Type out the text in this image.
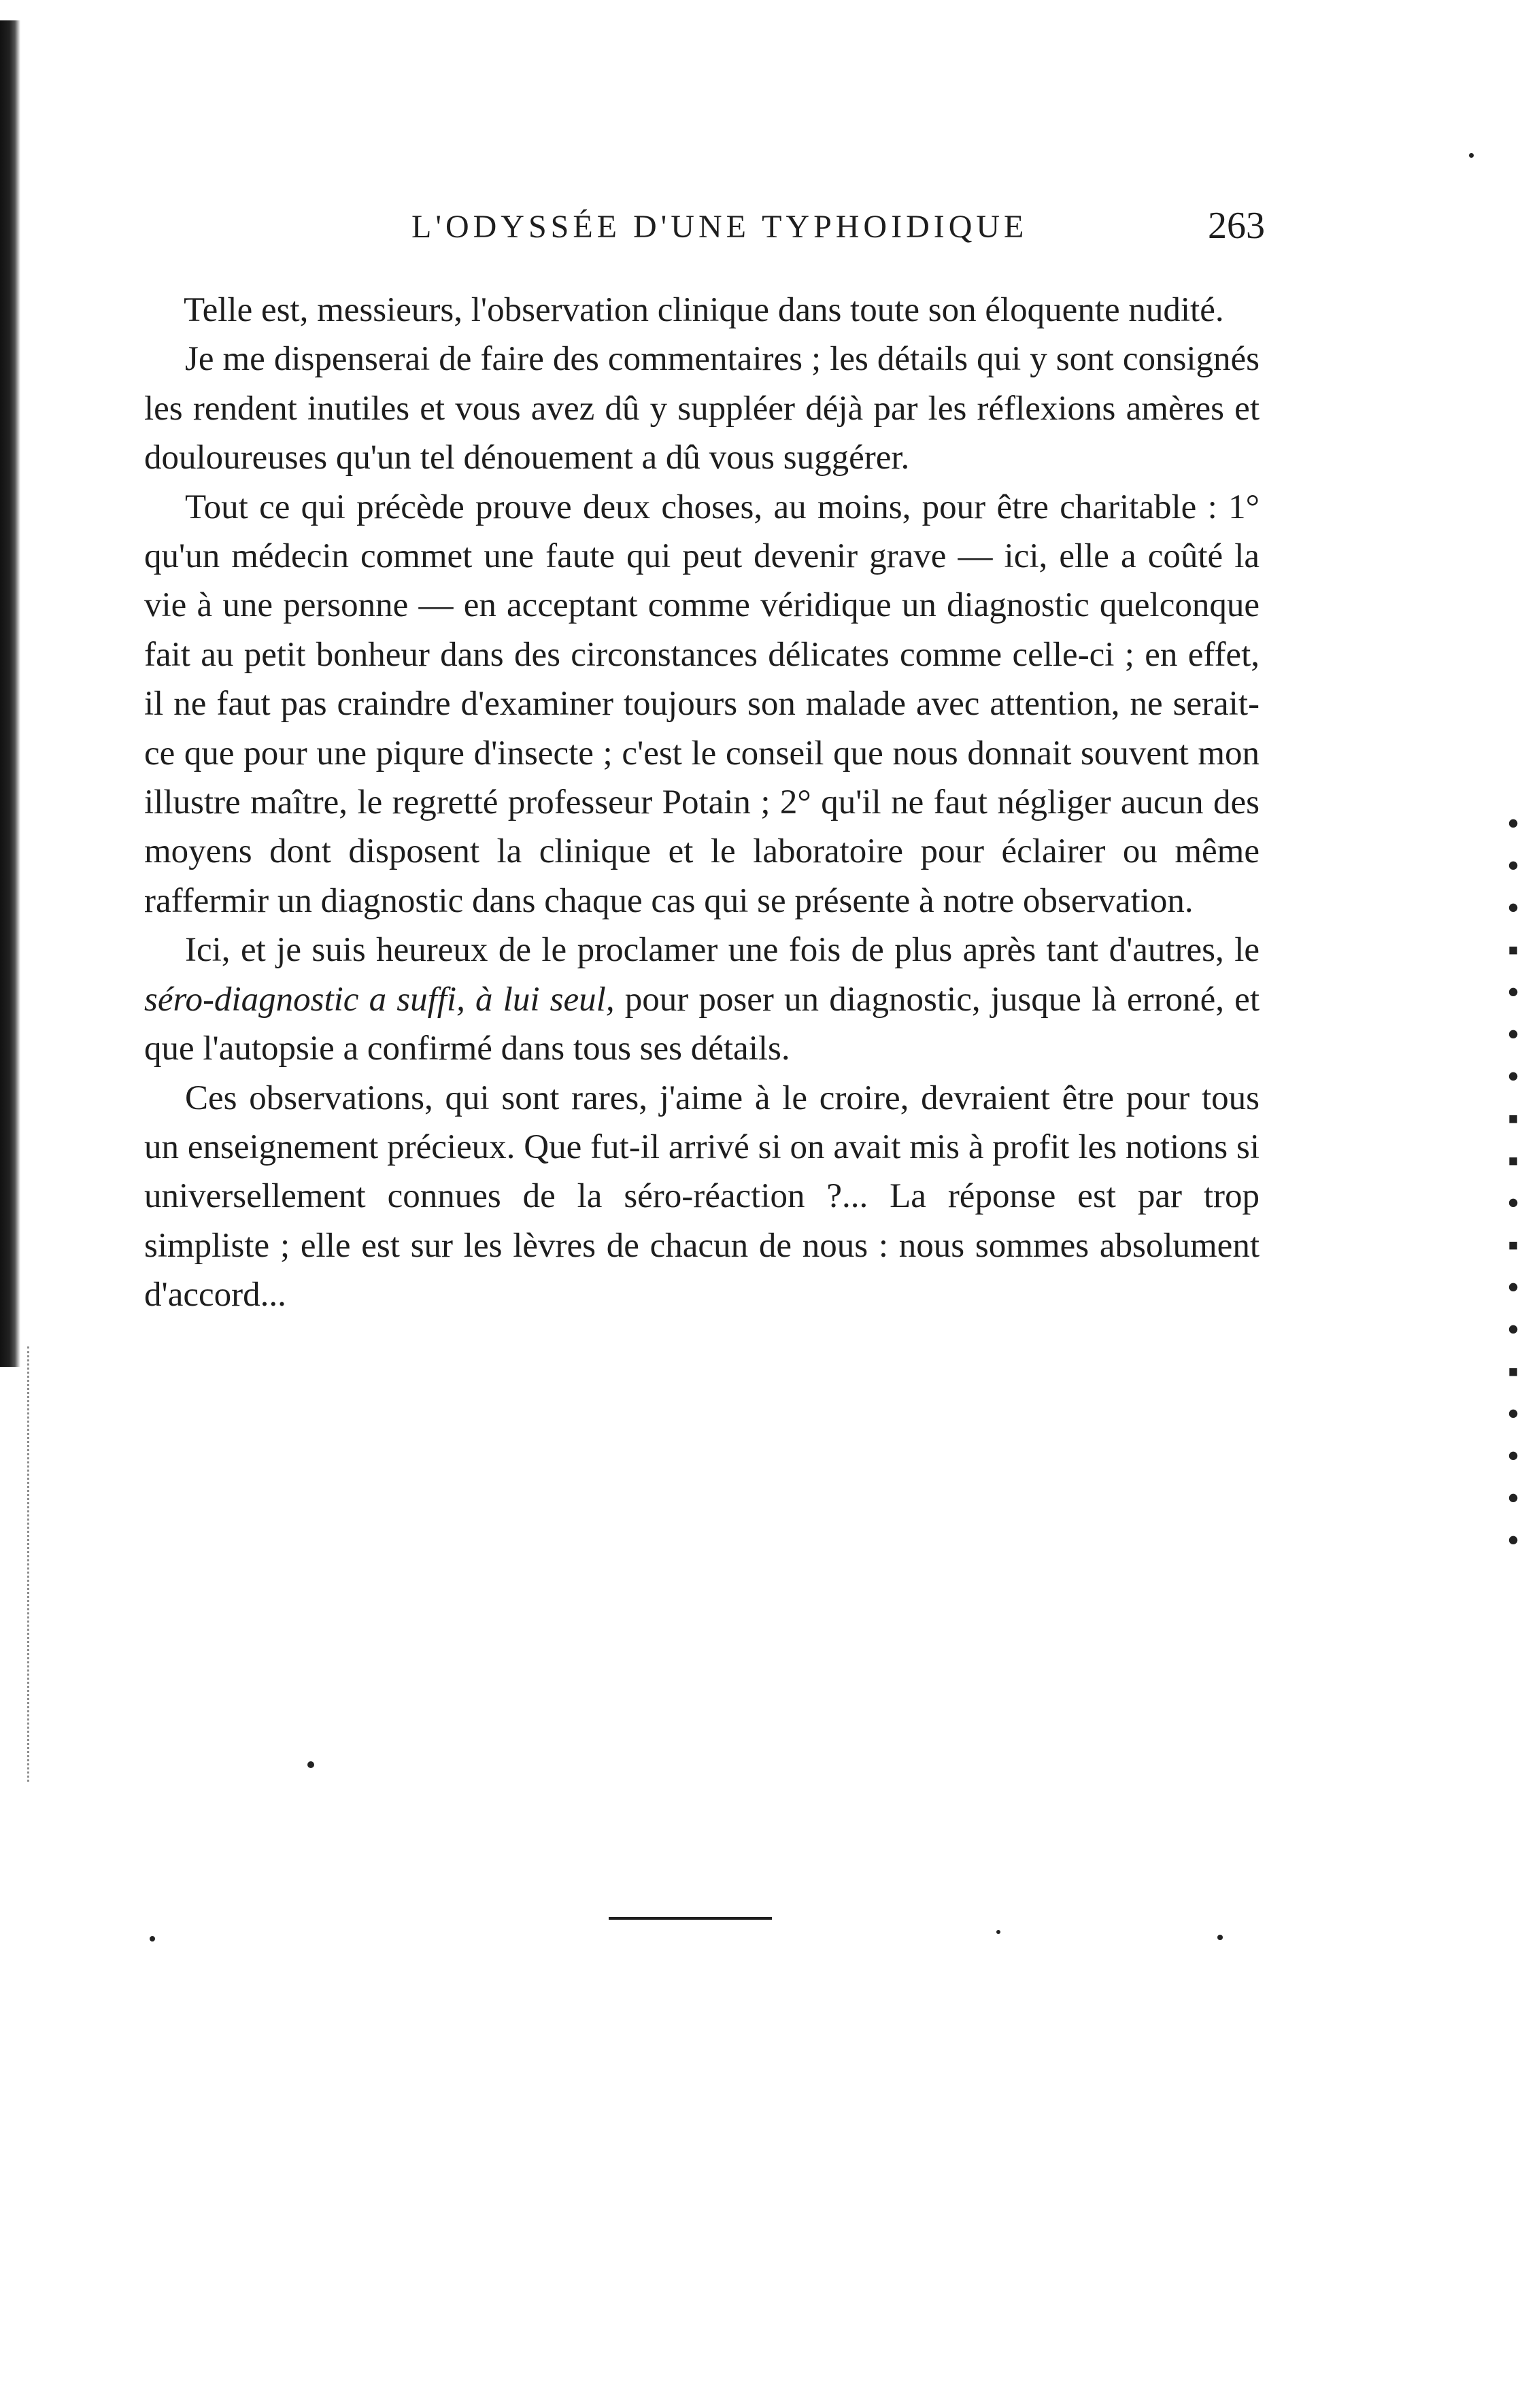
L'ODYSSÉE D'UNE TYPHOIDIQUE	263

Telle est, messieurs, l'observation clinique dans toute son éloquente nudité.

Je me dispenserai de faire des commentaires ; les détails qui y sont consignés les rendent inutiles et vous avez dû y suppléer déjà par les réflexions amères et douloureuses qu'un tel dénouement a dû vous suggérer.

Tout ce qui précède prouve deux choses, au moins, pour être charitable : 1° qu'un médecin commet une faute qui peut devenir grave — ici, elle a coûté la vie à une personne — en acceptant comme véridique un diagnostic quelconque fait au petit bonheur dans des circonstances délicates comme celle-ci ; en effet, il ne faut pas craindre d'examiner toujours son malade avec attention, ne serait-ce que pour une piqure d'insecte ; c'est le conseil que nous donnait souvent mon illustre maître, le regretté professeur Potain ; 2° qu'il ne faut négliger aucun des moyens dont disposent la clinique et le laboratoire pour éclairer ou même raffermir un diagnostic dans chaque cas qui se présente à notre observation.

Ici, et je suis heureux de le proclamer une fois de plus après tant d'autres, le séro-diagnostic a suffi, à lui seul, pour poser un diagnostic, jusque là erroné, et que l'autopsie a confirmé dans tous ses détails.

Ces observations, qui sont rares, j'aime à le croire, devraient être pour tous un enseignement précieux. Que fut-il arrivé si on avait mis à profit les notions si universellement connues de la séro-réaction ?... La réponse est par trop simpliste ; elle est sur les lèvres de chacun de nous : nous sommes absolument d'accord...

•
•
•
▪
•
•
•
▪
▪
•
▪
•
•
▪
•
•
•
•
